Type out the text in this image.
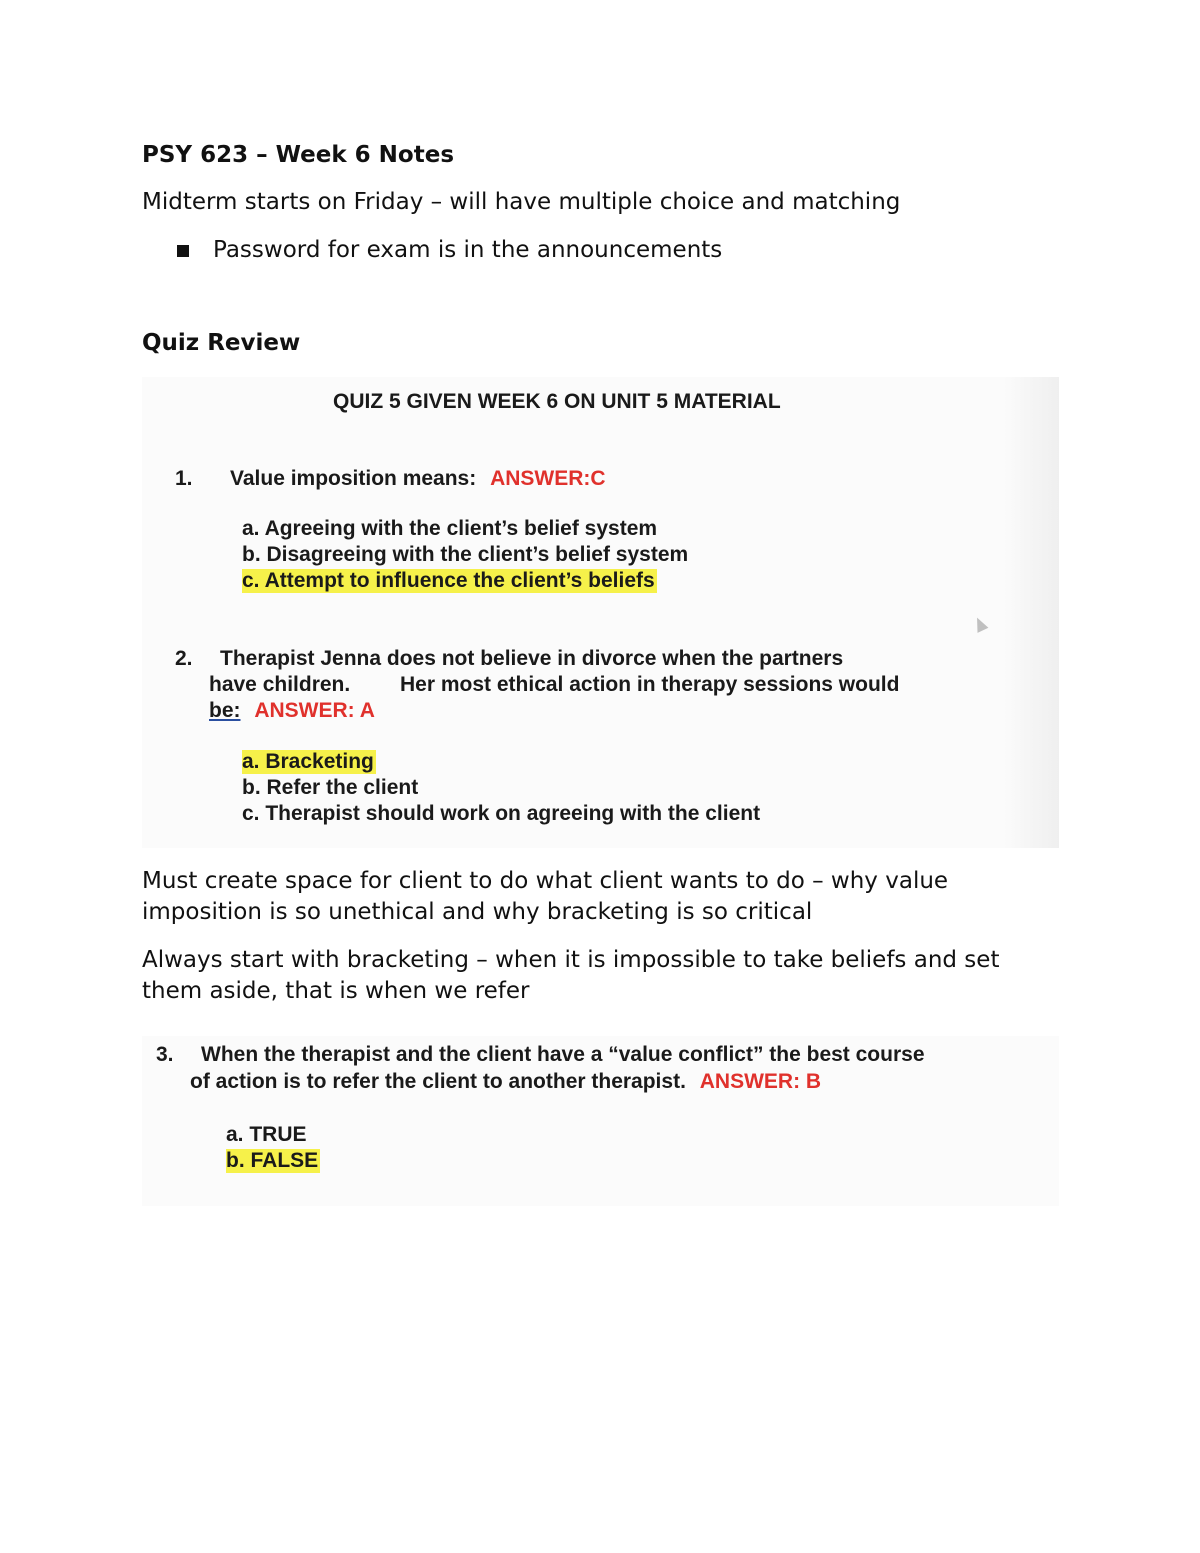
PSY 623 – Week 6 Notes
Midterm starts on Friday – will have multiple choice and matching
Password for exam is in the announcements
Quiz Review
QUIZ 5 GIVEN WEEK 6 ON UNIT 5 MATERIAL
1. Value imposition means: ANSWER:C
a. Agreeing with the client’s belief system
b. Disagreeing with the client’s belief system
c. Attempt to influence the client’s beliefs
2. Therapist Jenna does not believe in divorce when the partners
have children. Her most ethical action in therapy sessions would
be: ANSWER: A
a. Bracketing
b. Refer the client
c. Therapist should work on agreeing with the client
Must create space for client to do what client wants to do – why value imposition is so unethical and why bracketing is so critical
Always start with bracketing – when it is impossible to take beliefs and set them aside, that is when we refer
3. When the therapist and the client have a “value conflict” the best course
of action is to refer the client to another therapist. ANSWER: B
a. TRUE
b. FALSE
